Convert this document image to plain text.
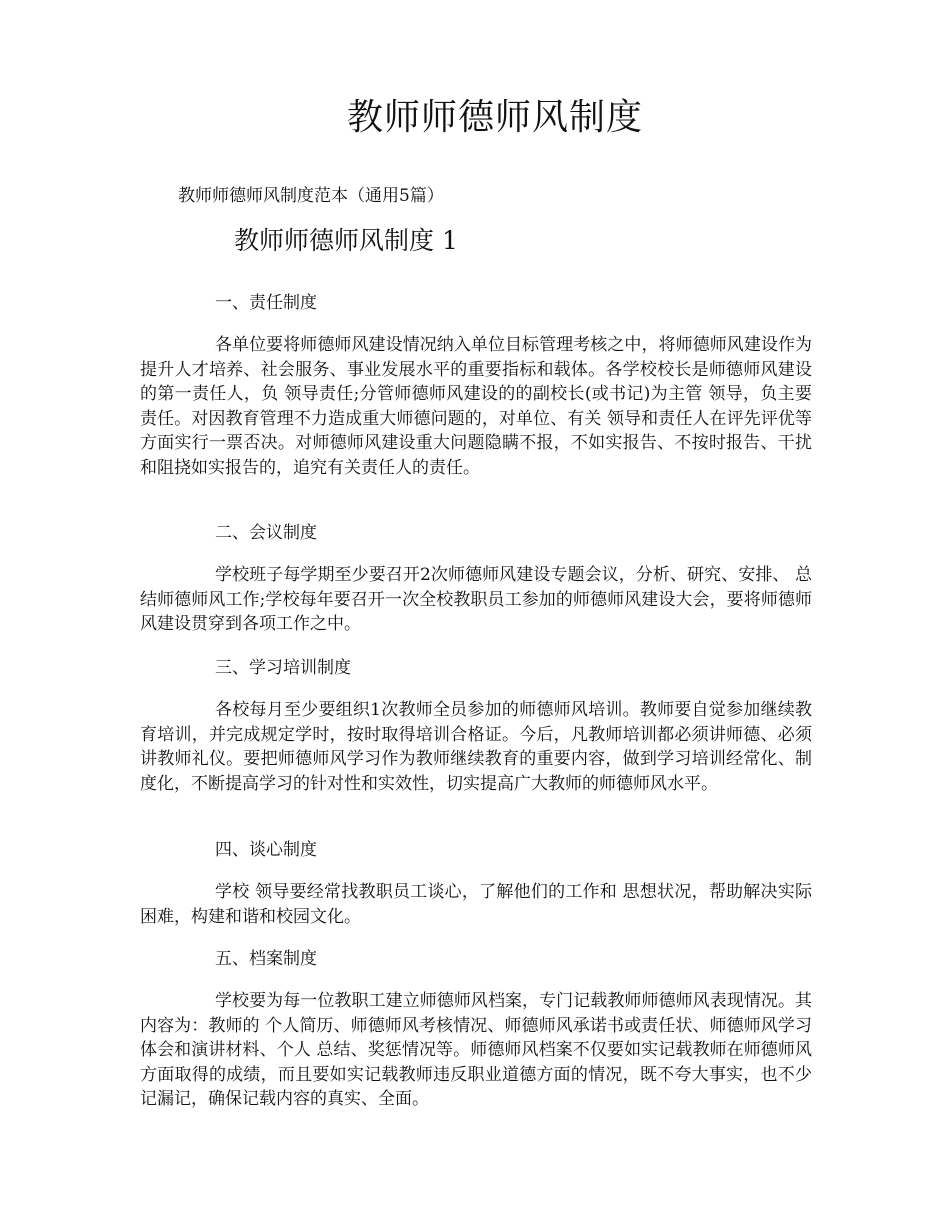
教师师德师风制度

教师师德师风制度范本（通用5篇）

教师师德师风制度 1
一、责任制度

各单位要将师德师风建设情况纳入单位目标管理考核之中，将师德师风建设作为提升人才培养、社会服务、事业发展水平的重要指标和载体。各学校校长是师德师风建设的第一责任人，负 领导责任;分管师德师风建设的的副校长(或书记)为主管 领导，负主要责任。对因教育管理不力造成重大师德问题的，对单位、有关 领导和责任人在评先评优等方面实行一票否决。对师德师风建设重大问题隐瞒不报，不如实报告、不按时报告、干扰和阻挠如实报告的，追究有关责任人的责任。

二、会议制度

学校班子每学期至少要召开2次师德师风建设专题会议，分析、研究、安排、 总结师德师风工作;学校每年要召开一次全校教职员工参加的师德师风建设大会，要将师德师风建设贯穿到各项工作之中。

三、学习培训制度

各校每月至少要组织1次教师全员参加的师德师风培训。教师要自觉参加继续教育培训，并完成规定学时，按时取得培训合格证。今后，凡教师培训都必须讲师德、必须讲教师礼仪。要把师德师风学习作为教师继续教育的重要内容，做到学习培训经常化、制度化，不断提高学习的针对性和实效性，切实提高广大教师的师德师风水平。

四、谈心制度

学校 领导要经常找教职员工谈心，了解他们的工作和 思想状况，帮助解决实际困难，构建和谐和校园文化。

五、档案制度

学校要为每一位教职工建立师德师风档案，专门记载教师师德师风表现情况。其内容为：教师的 个人简历、师德师风考核情况、师德师风承诺书或责任状、师德师风学习体会和演讲材料、个人 总结、奖惩情况等。师德师风档案不仅要如实记载教师在师德师风方面取得的成绩，而且要如实记载教师违反职业道德方面的情况，既不夸大事实，也不少记漏记，确保记载内容的真实、全面。
